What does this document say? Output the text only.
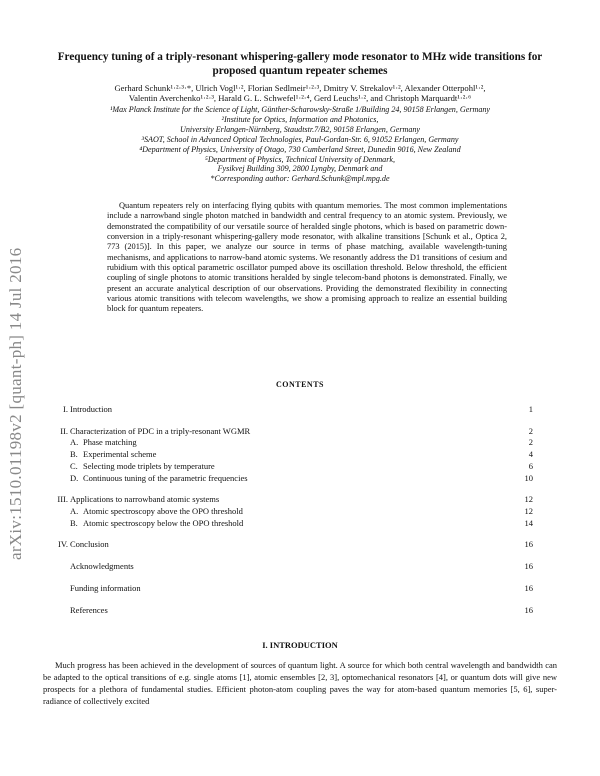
arXiv:1510.01198v2 [quant-ph] 14 Jul 2016
Frequency tuning of a triply-resonant whispering-gallery mode resonator to MHz wide transitions for proposed quantum repeater schemes
Gerhard Schunk¹·²·³·*, Ulrich Vogl¹·², Florian Sedlmeir¹·²·³, Dmitry V. Strekalov¹·², Alexander Otterpohl¹·²,
Valentin Averchenko¹·²·³, Harald G. L. Schwefel¹·²·⁴, Gerd Leuchs¹·², and Christoph Marquardt¹·²·⁶
¹Max Planck Institute for the Science of Light, Günther-Scharowsky-Straße 1/Building 24, 90158 Erlangen, Germany
²Institute for Optics, Information and Photonics,
University Erlangen-Nürnberg, Staudtstr.7/B2, 90158 Erlangen, Germany
³SAOT, School in Advanced Optical Technologies, Paul-Gordan-Str. 6, 91052 Erlangen, Germany
⁴Department of Physics, University of Otago, 730 Cumberland Street, Dunedin 9016, New Zealand
⁵Department of Physics, Technical University of Denmark,
Fysikvej Building 309, 2800 Lyngby, Denmark and
*Corresponding author: Gerhard.Schunk@mpl.mpg.de
Quantum repeaters rely on interfacing flying qubits with quantum memories. The most common implementations include a narrowband single photon matched in bandwidth and central frequency to an atomic system. Previously, we demonstrated the compatibility of our versatile source of heralded single photons, which is based on parametric down-conversion in a triply-resonant whispering-gallery mode resonator, with alkaline transitions [Schunk et al., Optica 2, 773 (2015)]. In this paper, we analyze our source in terms of phase matching, available wavelength-tuning mechanisms, and applications to narrow-band atomic systems. We resonantly address the D1 transitions of cesium and rubidium with this optical parametric oscillator pumped above its oscillation threshold. Below threshold, the efficient coupling of single photons to atomic transitions heralded by single telecom-band photons is demonstrated. Finally, we present an accurate analytical description of our observations. Providing the demonstrated flexibility in connecting various atomic transitions with telecom wavelengths, we show a promising approach to realize an essential building block for quantum repeaters.
CONTENTS
I. Introduction	1
II. Characterization of PDC in a triply-resonant WGMR	2
A. Phase matching	2
B. Experimental scheme	4
C. Selecting mode triplets by temperature	6
D. Continuous tuning of the parametric frequencies	10
III. Applications to narrowband atomic systems	12
A. Atomic spectroscopy above the OPO threshold	12
B. Atomic spectroscopy below the OPO threshold	14
IV. Conclusion	16
Acknowledgments	16
Funding information	16
References	16
I. INTRODUCTION
Much progress has been achieved in the development of sources of quantum light. A source for which both central wavelength and bandwidth can be adapted to the optical transitions of e.g. single atoms [1], atomic ensembles [2, 3], optomechanical resonators [4], or quantum dots will give new prospects for a plethora of fundamental studies. Efficient photon-atom coupling paves the way for atom-based quantum memories [5, 6], super-radiance of collectively excited
